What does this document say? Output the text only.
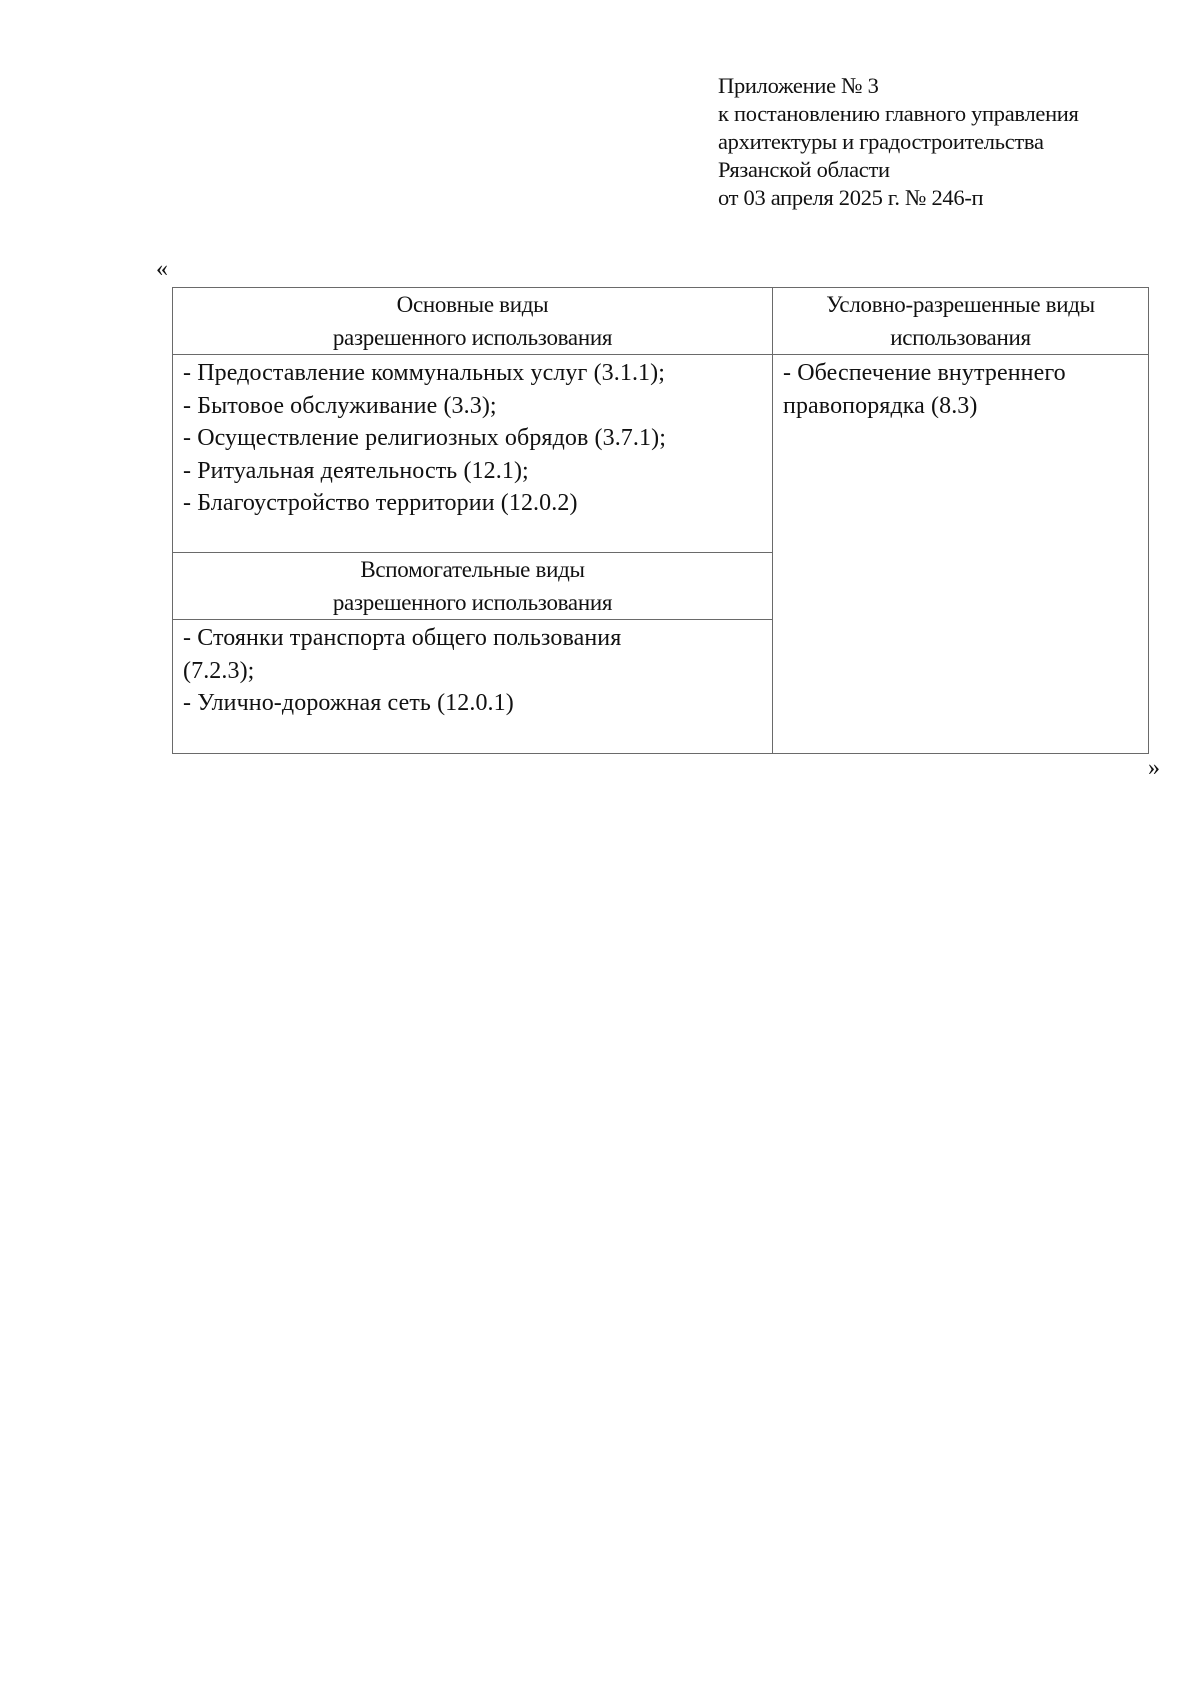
Приложение № 3
к постановлению главного управления
архитектуры и градостроительства
Рязанской области
от 03 апреля 2025 г. № 246-п
«
Основные виды
разрешенного использования	Условно-разрешенные виды
использования

- Предоставление коммунальных услуг (3.1.1);
- Бытовое обслуживание (3.3);
- Осуществление религиозных обрядов (3.7.1);
- Ритуальная деятельность (12.1);
- Благоустройство территории (12.0.2)	- Обеспечение внутреннего
правопорядка (8.3)

Вспомогательные виды
разрешенного использования	

- Стоянки транспорта общего пользования
(7.2.3);
- Улично-дорожная сеть (12.0.1)	
»
